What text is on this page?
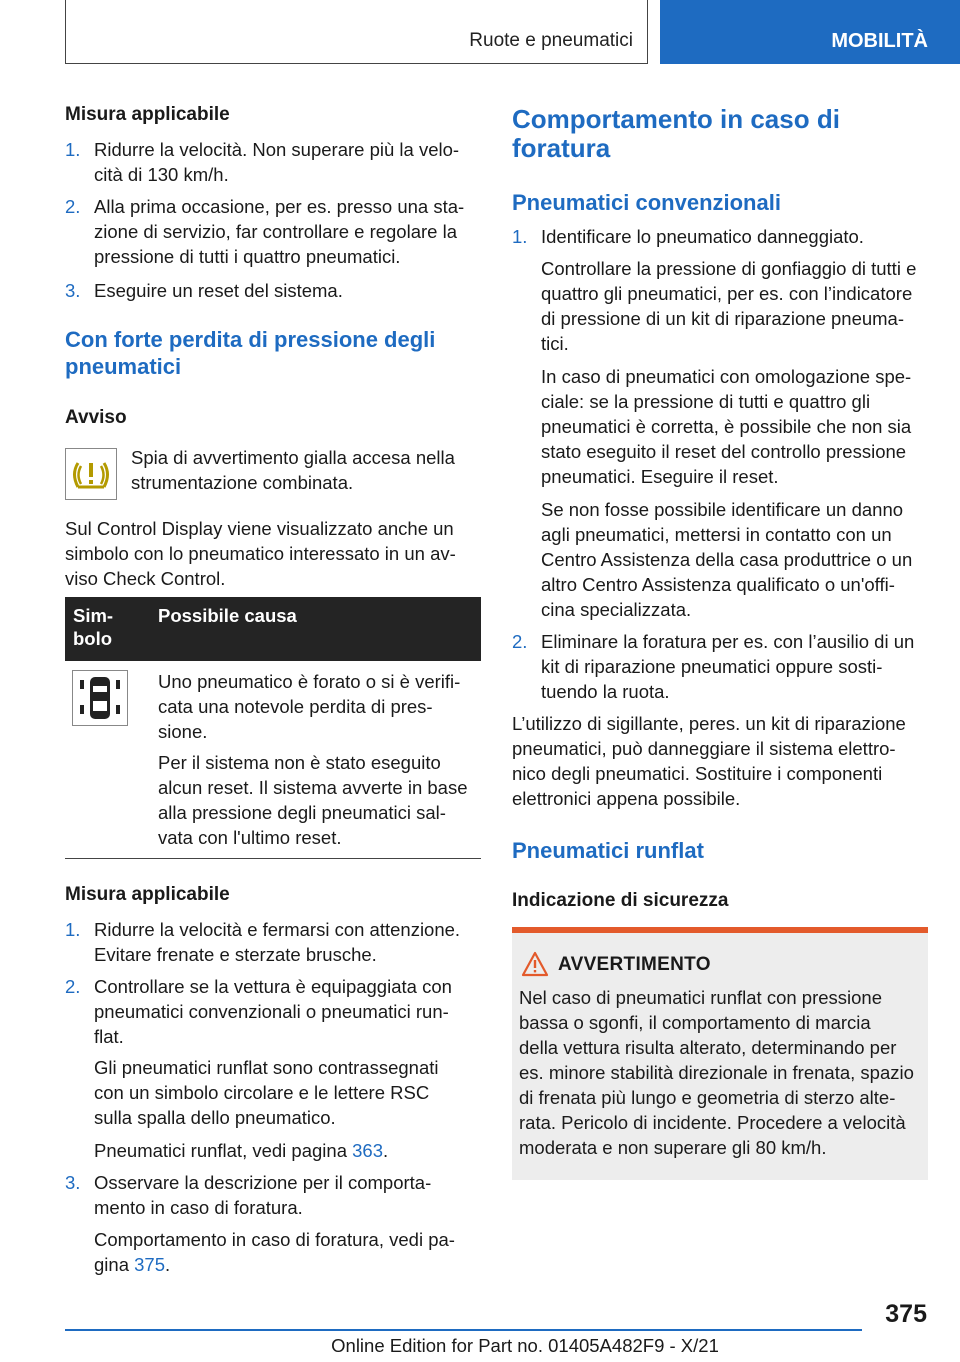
Ruote e pneumatici	MOBILITÀ
Misura applicabile
1. Ridurre la velocità. Non superare più la velo-
cità di 130 km/h.
2. Alla prima occasione, per es. presso una sta-
zione di servizio, far controllare e regolare la
pressione di tutti i quattro pneumatici.
3. Eseguire un reset del sistema.
Con forte perdita di pressione degli
pneumatici
Avviso
Spia di avvertimento gialla accesa nella
strumentazione combinata.
Sul Control Display viene visualizzato anche un
simbolo con lo pneumatico interessato in un av-
viso Check Control.
Sim-

bolo
Possibile causa
Uno pneumatico è forato o si è verifi-
cata una notevole perdita di pres-
sione.
Per il sistema non è stato eseguito
alcun reset. Il sistema avverte in base
alla pressione degli pneumatici sal-
vata con l'ultimo reset.
Misura applicabile
1. Ridurre la velocità e fermarsi con attenzione.
Evitare frenate e sterzate brusche.
2. Controllare se la vettura è equipaggiata con
pneumatici convenzionali o pneumatici run-
flat.
Gli pneumatici runflat sono contrassegnati
con un simbolo circolare e le lettere RSC
sulla spalla dello pneumatico.
Pneumatici runflat, vedi pagina 363.
3. Osservare la descrizione per il comporta-
mento in caso di foratura.
Comportamento in caso di foratura, vedi pa-
gina 375.
Comportamento in caso di
foratura
Pneumatici convenzionali
1. Identificare lo pneumatico danneggiato.
Controllare la pressione di gonfiaggio di tutti e
quattro gli pneumatici, per es. con l’indicatore
di pressione di un kit di riparazione pneuma-
tici.
In caso di pneumatici con omologazione spe-
ciale: se la pressione di tutti e quattro gli
pneumatici è corretta, è possibile che non sia
stato eseguito il reset del controllo pressione
pneumatici. Eseguire il reset.
Se non fosse possibile identificare un danno
agli pneumatici, mettersi in contatto con un
Centro Assistenza della casa produttrice o un
altro Centro Assistenza qualificato o un'offi-
cina specializzata.
2. Eliminare la foratura per es. con l’ausilio di un
kit di riparazione pneumatici oppure sosti-
tuendo la ruota.
L’utilizzo di sigillante, peres. un kit di riparazione
pneumatici, può danneggiare il sistema elettro-
nico degli pneumatici. Sostituire i componenti
elettronici appena possibile.
Pneumatici runflat
Indicazione di sicurezza
AVVERTIMENTO
Nel caso di pneumatici runflat con pressione
bassa o sgonfi, il comportamento di marcia
della vettura risulta alterato, determinando per
es. minore stabilità direzionale in frenata, spazio
di frenata più lungo e geometria di sterzo alte-
rata. Pericolo di incidente. Procedere a velocità
moderata e non superare gli 80 km/h.
375
Online Edition for Part no. 01405A482F9 - X/21
